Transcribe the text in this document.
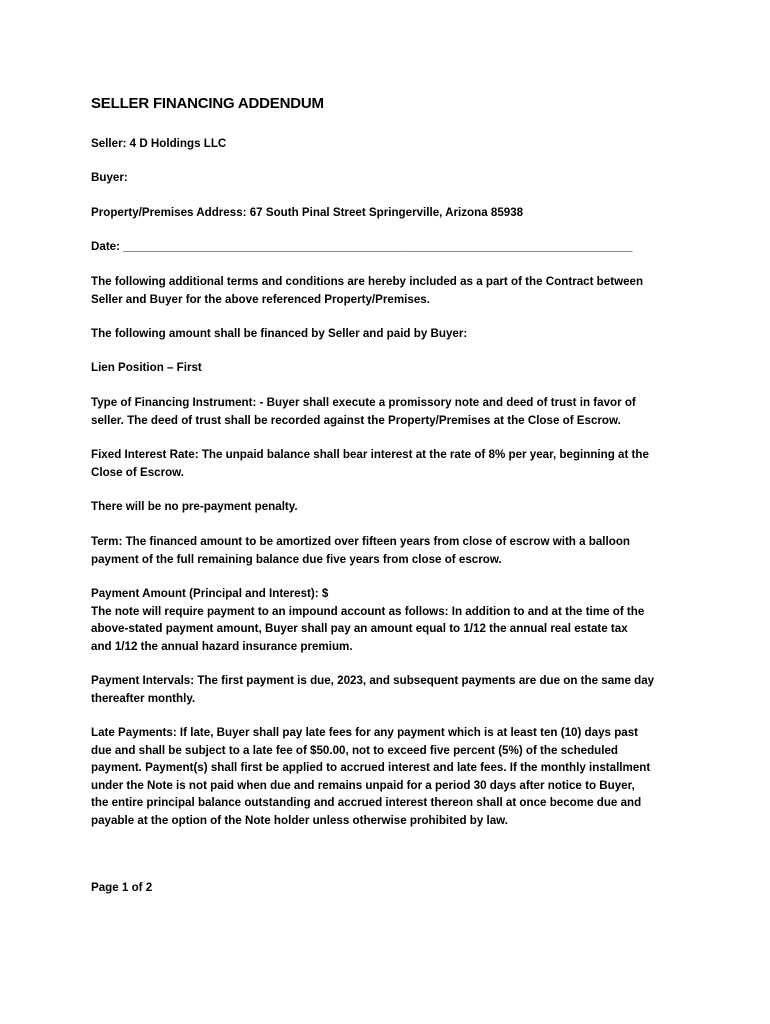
SELLER FINANCING ADDENDUM
Seller: 4 D Holdings LLC
Buyer:
Property/Premises Address: 67 South Pinal Street Springerville, Arizona 85938
Date: _______________________________________________________________________________
The following additional terms and conditions are hereby included as a part of the Contract between
Seller and Buyer for the above referenced Property/Premises.
The following amount shall be financed by Seller and paid by Buyer:
Lien Position – First
Type of Financing Instrument: - Buyer shall execute a promissory note and deed of trust in favor of
seller. The deed of trust shall be recorded against the Property/Premises at the Close of Escrow.
Fixed Interest Rate: The unpaid balance shall bear interest at the rate of 8% per year, beginning at the
Close of Escrow.
There will be no pre-payment penalty.
Term: The financed amount to be amortized over fifteen years from close of escrow with a balloon
payment of the full remaining balance due five years from close of escrow.
Payment Amount (Principal and Interest): $
The note will require payment to an impound account as follows: In addition to and at the time of the
above-stated payment amount, Buyer shall pay an amount equal to 1/12 the annual real estate tax
and 1/12 the annual hazard insurance premium.
Payment Intervals: The first payment is due, 2023, and subsequent payments are due on the same day
thereafter monthly.
Late Payments: If late, Buyer shall pay late fees for any payment which is at least ten (10) days past
due and shall be subject to a late fee of $50.00, not to exceed five percent (5%) of the scheduled
payment. Payment(s) shall first be applied to accrued interest and late fees. If the monthly installment
under the Note is not paid when due and remains unpaid for a period 30 days after notice to Buyer,
the entire principal balance outstanding and accrued interest thereon shall at once become due and
payable at the option of the Note holder unless otherwise prohibited by law.
Page 1 of 2
